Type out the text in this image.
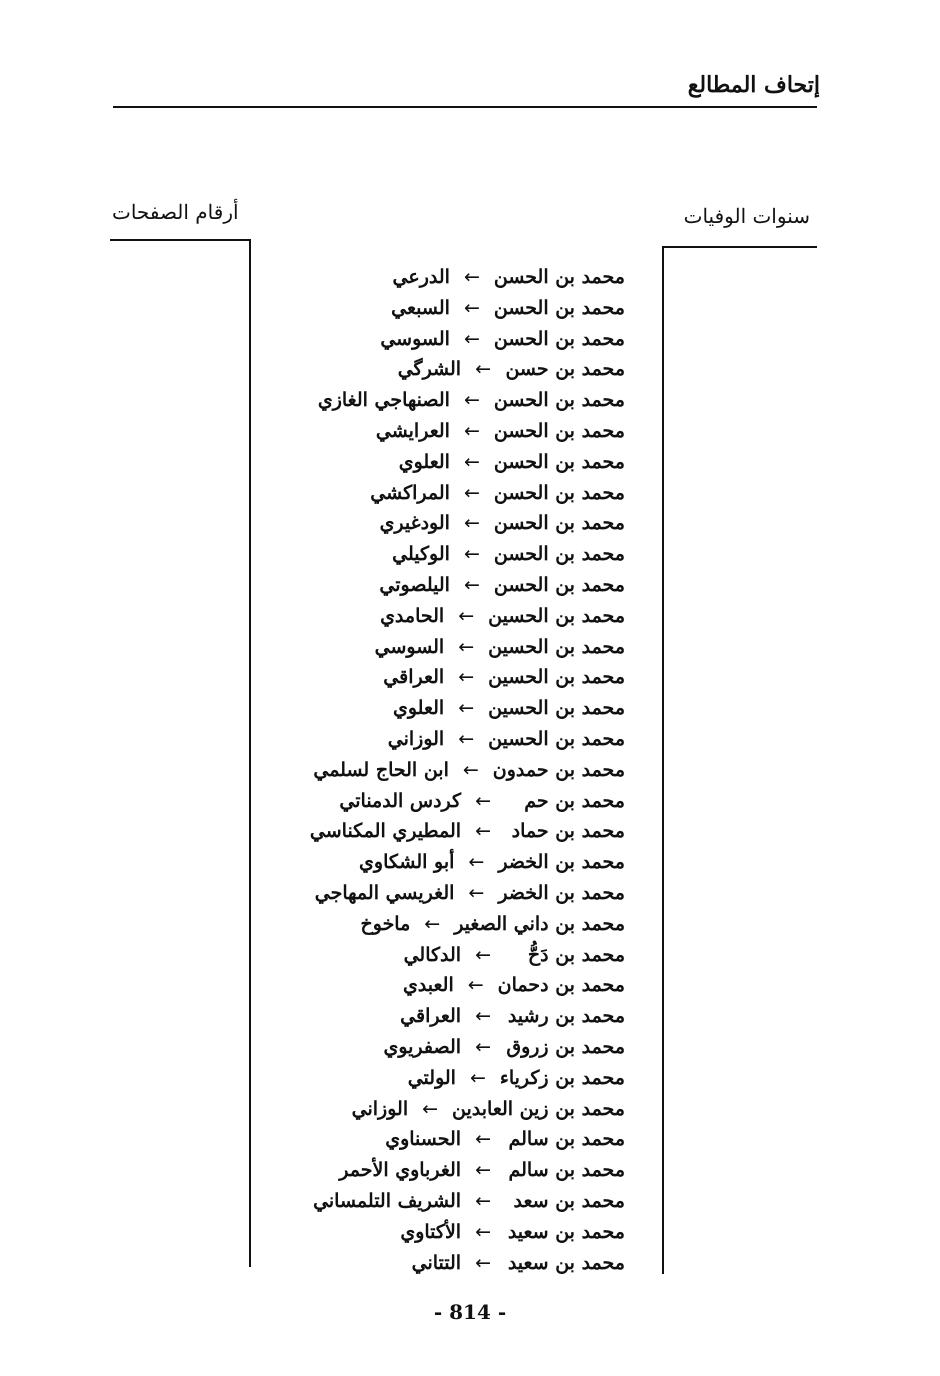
إتحاف المطالع
سنوات الوفيات
أرقام الصفحات
محمد بن الحسن←الدرعي
محمد بن الحسن←السبعي
محمد بن الحسن←السوسي
محمد بن حسن←الشرگي
محمد بن الحسن←الصنهاجي الغازي
محمد بن الحسن←العرايشي
محمد بن الحسن←العلوي
محمد بن الحسن←المراكشي
محمد بن الحسن←الودغيري
محمد بن الحسن←الوكيلي
محمد بن الحسن←اليلصوتي
محمد بن الحسين←الحامدي
محمد بن الحسين←السوسي
محمد بن الحسين←العراقي
محمد بن الحسين←العلوي
محمد بن الحسين←الوزاني
محمد بن حمدون←ابن الحاج لسلمي
محمد بن حم←كردس الدمناتي
محمد بن حماد←المطيري المكناسي
محمد بن الخضر←أبو الشكاوي
محمد بن الخضر←الغريسي المهاجي
محمد بن داني الصغير←ماخوخ
محمد بن دَحُّ←الدكالي
محمد بن دحمان←العبدي
محمد بن رشيد←العراقي
محمد بن زروق←الصفريوي
محمد بن زكرياء←الولتي
محمد بن زين العابدين←الوزاني
محمد بن سالم←الحسناوي
محمد بن سالم←الغرباوي الأحمر
محمد بن سعد←الشريف التلمساني
محمد بن سعيد←الأكتاوي
محمد بن سعيد←التتاني
- 814 -
